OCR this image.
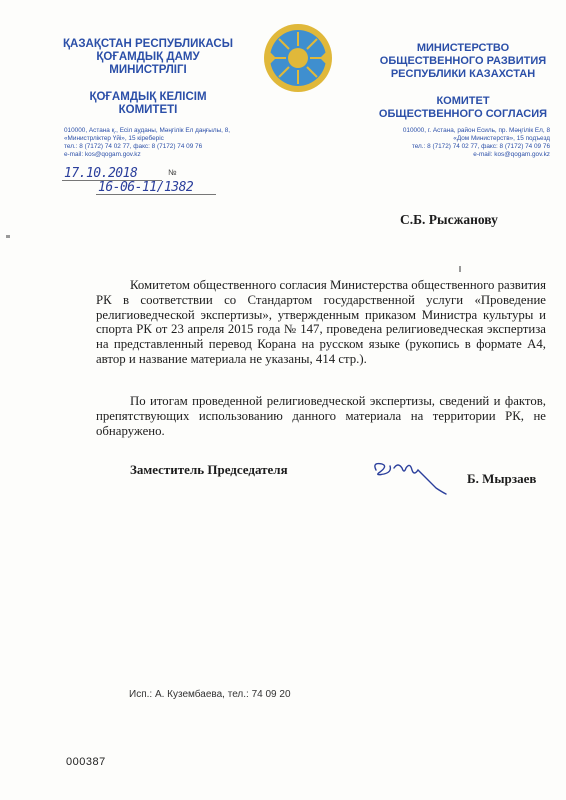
ҚАЗАҚСТАН РЕСПУБЛИКАСЫ
ҚОҒАМДЫҚ ДАМУ
МИНИСТРЛІГІ
ҚОҒАМДЫҚ КЕЛІСІМ
КОМИТЕТІ
МИНИСТЕРСТВО
ОБЩЕСТВЕННОГО РАЗВИТИЯ
РЕСПУБЛИКИ КАЗАХСТАН
КОМИТЕТ
ОБЩЕСТВЕННОГО СОГЛАСИЯ
010000, Астана қ., Есіл ауданы, Мәңгілік Ел даңғылы, 8,
«Министрліктер Үйі», 15 кіреберіс
тел.: 8 (7172) 74 02 77, факс: 8 (7172) 74 09 76
e-mail: kos@qogam.gov.kz
010000, г. Астана, район Есиль, пр. Мәңгілік Ел, 8
«Дом Министерств», 15 подъезд
тел.: 8 (7172) 74 02 77, факс: 8 (7172) 74 09 76
e-mail: kos@qogam.gov.kz
№
17.10.2018
16-06-11/1382
С.Б. Рысжанову
Комитетом общественного согласия Министерства общественного развития РК в соответствии со Стандартом государственной услуги «Проведение религиоведческой экспертизы», утвержденным приказом Министра культуры и спорта РК от 23 апреля 2015 года № 147, проведена религиоведческая экспертиза на представленный перевод Корана на русском языке (рукопись в формате А4, автор и название материала не указаны, 414 стр.).
По итогам проведенной религиоведческой экспертизы, сведений и фактов, препятствующих использованию данного материала на территории РК, не обнаружено.
Заместитель Председателя
Б. Мырзаев
Исп.: А. Кузембаева, тел.: 74 09 20
000387
